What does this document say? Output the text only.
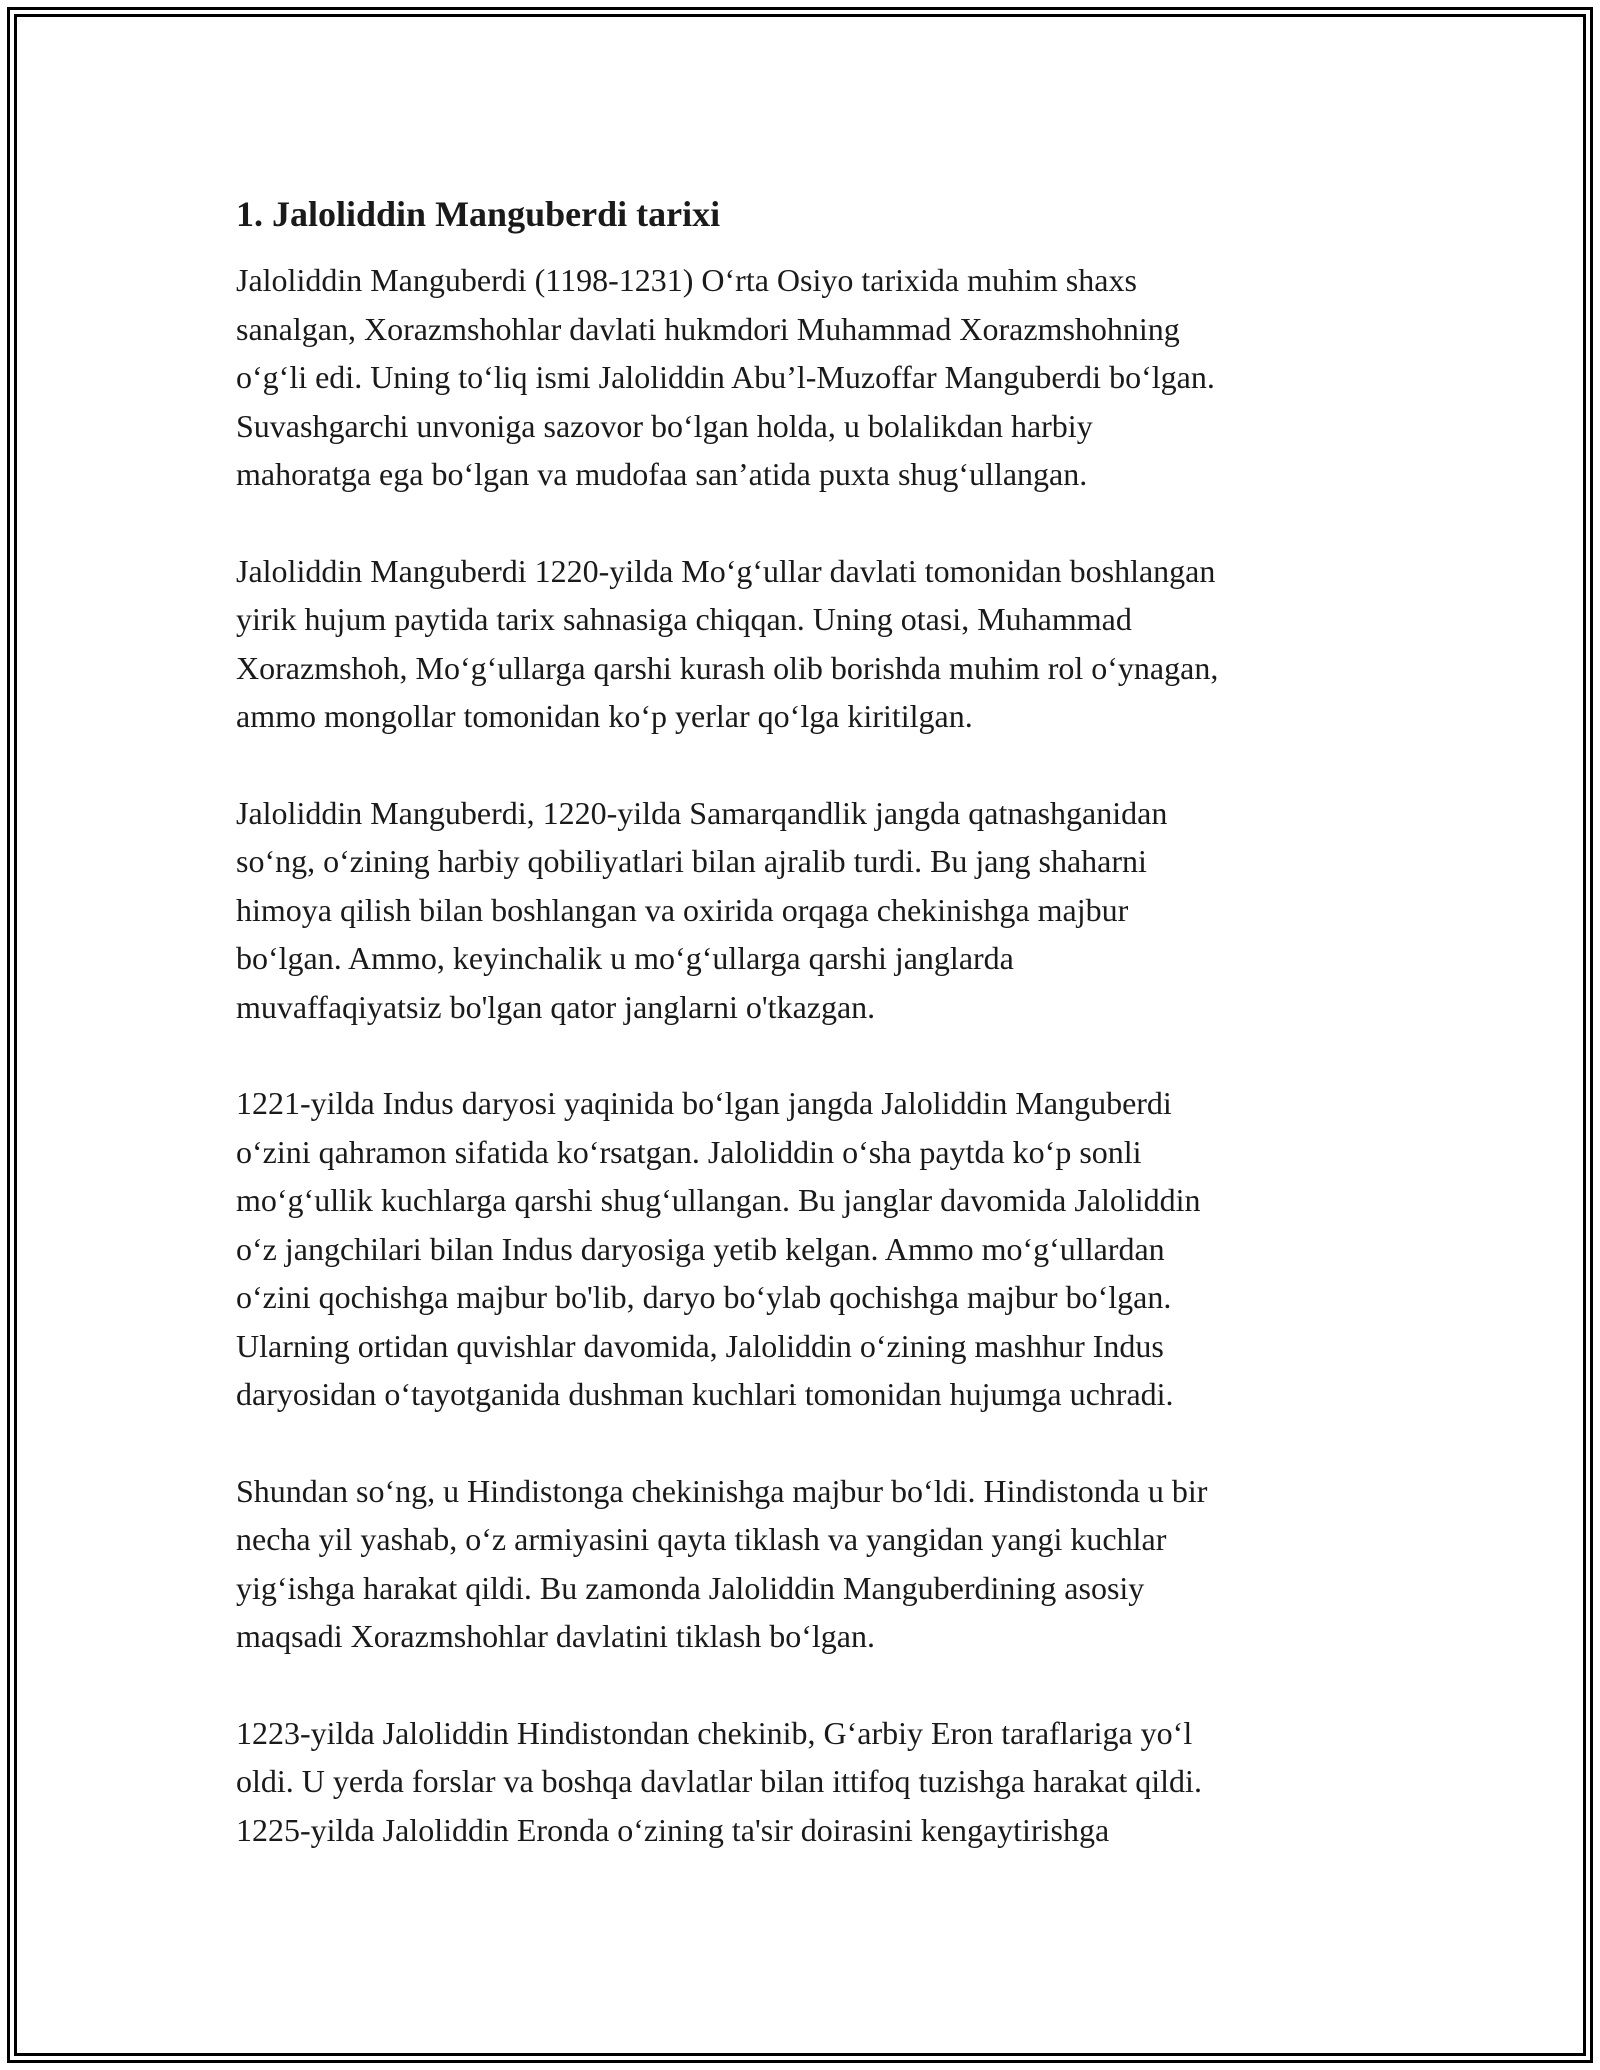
1. Jaloliddin Manguberdi tarixi

Jaloliddin Manguberdi (1198-1231) O‘rta Osiyo tarixida muhim shaxs
sanalgan, Xorazmshohlar davlati hukmdori Muhammad Xorazmshohning
o‘g‘li edi. Uning to‘liq ismi Jaloliddin Abu’l-Muzoffar Manguberdi bo‘lgan.
Suvashgarchi unvoniga sazovor bo‘lgan holda, u bolalikdan harbiy
mahoratga ega bo‘lgan va mudofaa san’atida puxta shug‘ullangan.

Jaloliddin Manguberdi 1220-yilda Mo‘g‘ullar davlati tomonidan boshlangan
yirik hujum paytida tarix sahnasiga chiqqan. Uning otasi, Muhammad
Xorazmshoh, Mo‘g‘ullarga qarshi kurash olib borishda muhim rol o‘ynagan,
ammo mongollar tomonidan ko‘p yerlar qo‘lga kiritilgan.

Jaloliddin Manguberdi, 1220-yilda Samarqandlik jangda qatnashganidan
so‘ng, o‘zining harbiy qobiliyatlari bilan ajralib turdi. Bu jang shaharni
himoya qilish bilan boshlangan va oxirida orqaga chekinishga majbur
bo‘lgan. Ammo, keyinchalik u mo‘g‘ullarga qarshi janglarda
muvaffaqiyatsiz bo'lgan qator janglarni o'tkazgan.

1221-yilda Indus daryosi yaqinida bo‘lgan jangda Jaloliddin Manguberdi
o‘zini qahramon sifatida ko‘rsatgan. Jaloliddin o‘sha paytda ko‘p sonli
mo‘g‘ullik kuchlarga qarshi shug‘ullangan. Bu janglar davomida Jaloliddin
o‘z jangchilari bilan Indus daryosiga yetib kelgan. Ammo mo‘g‘ullardan
o‘zini qochishga majbur bo'lib, daryo bo‘ylab qochishga majbur bo‘lgan.
Ularning ortidan quvishlar davomida, Jaloliddin o‘zining mashhur Indus
daryosidan o‘tayotganida dushman kuchlari tomonidan hujumga uchradi.

Shundan so‘ng, u Hindistonga chekinishga majbur bo‘ldi. Hindistonda u bir
necha yil yashab, o‘z armiyasini qayta tiklash va yangidan yangi kuchlar
yig‘ishga harakat qildi. Bu zamonda Jaloliddin Manguberdining asosiy
maqsadi Xorazmshohlar davlatini tiklash bo‘lgan.

1223-yilda Jaloliddin Hindistondan chekinib, G‘arbiy Eron taraflariga yo‘l
oldi. U yerda forslar va boshqa davlatlar bilan ittifoq tuzishga harakat qildi.
1225-yilda Jaloliddin Eronda o‘zining ta'sir doirasini kengaytirishga
